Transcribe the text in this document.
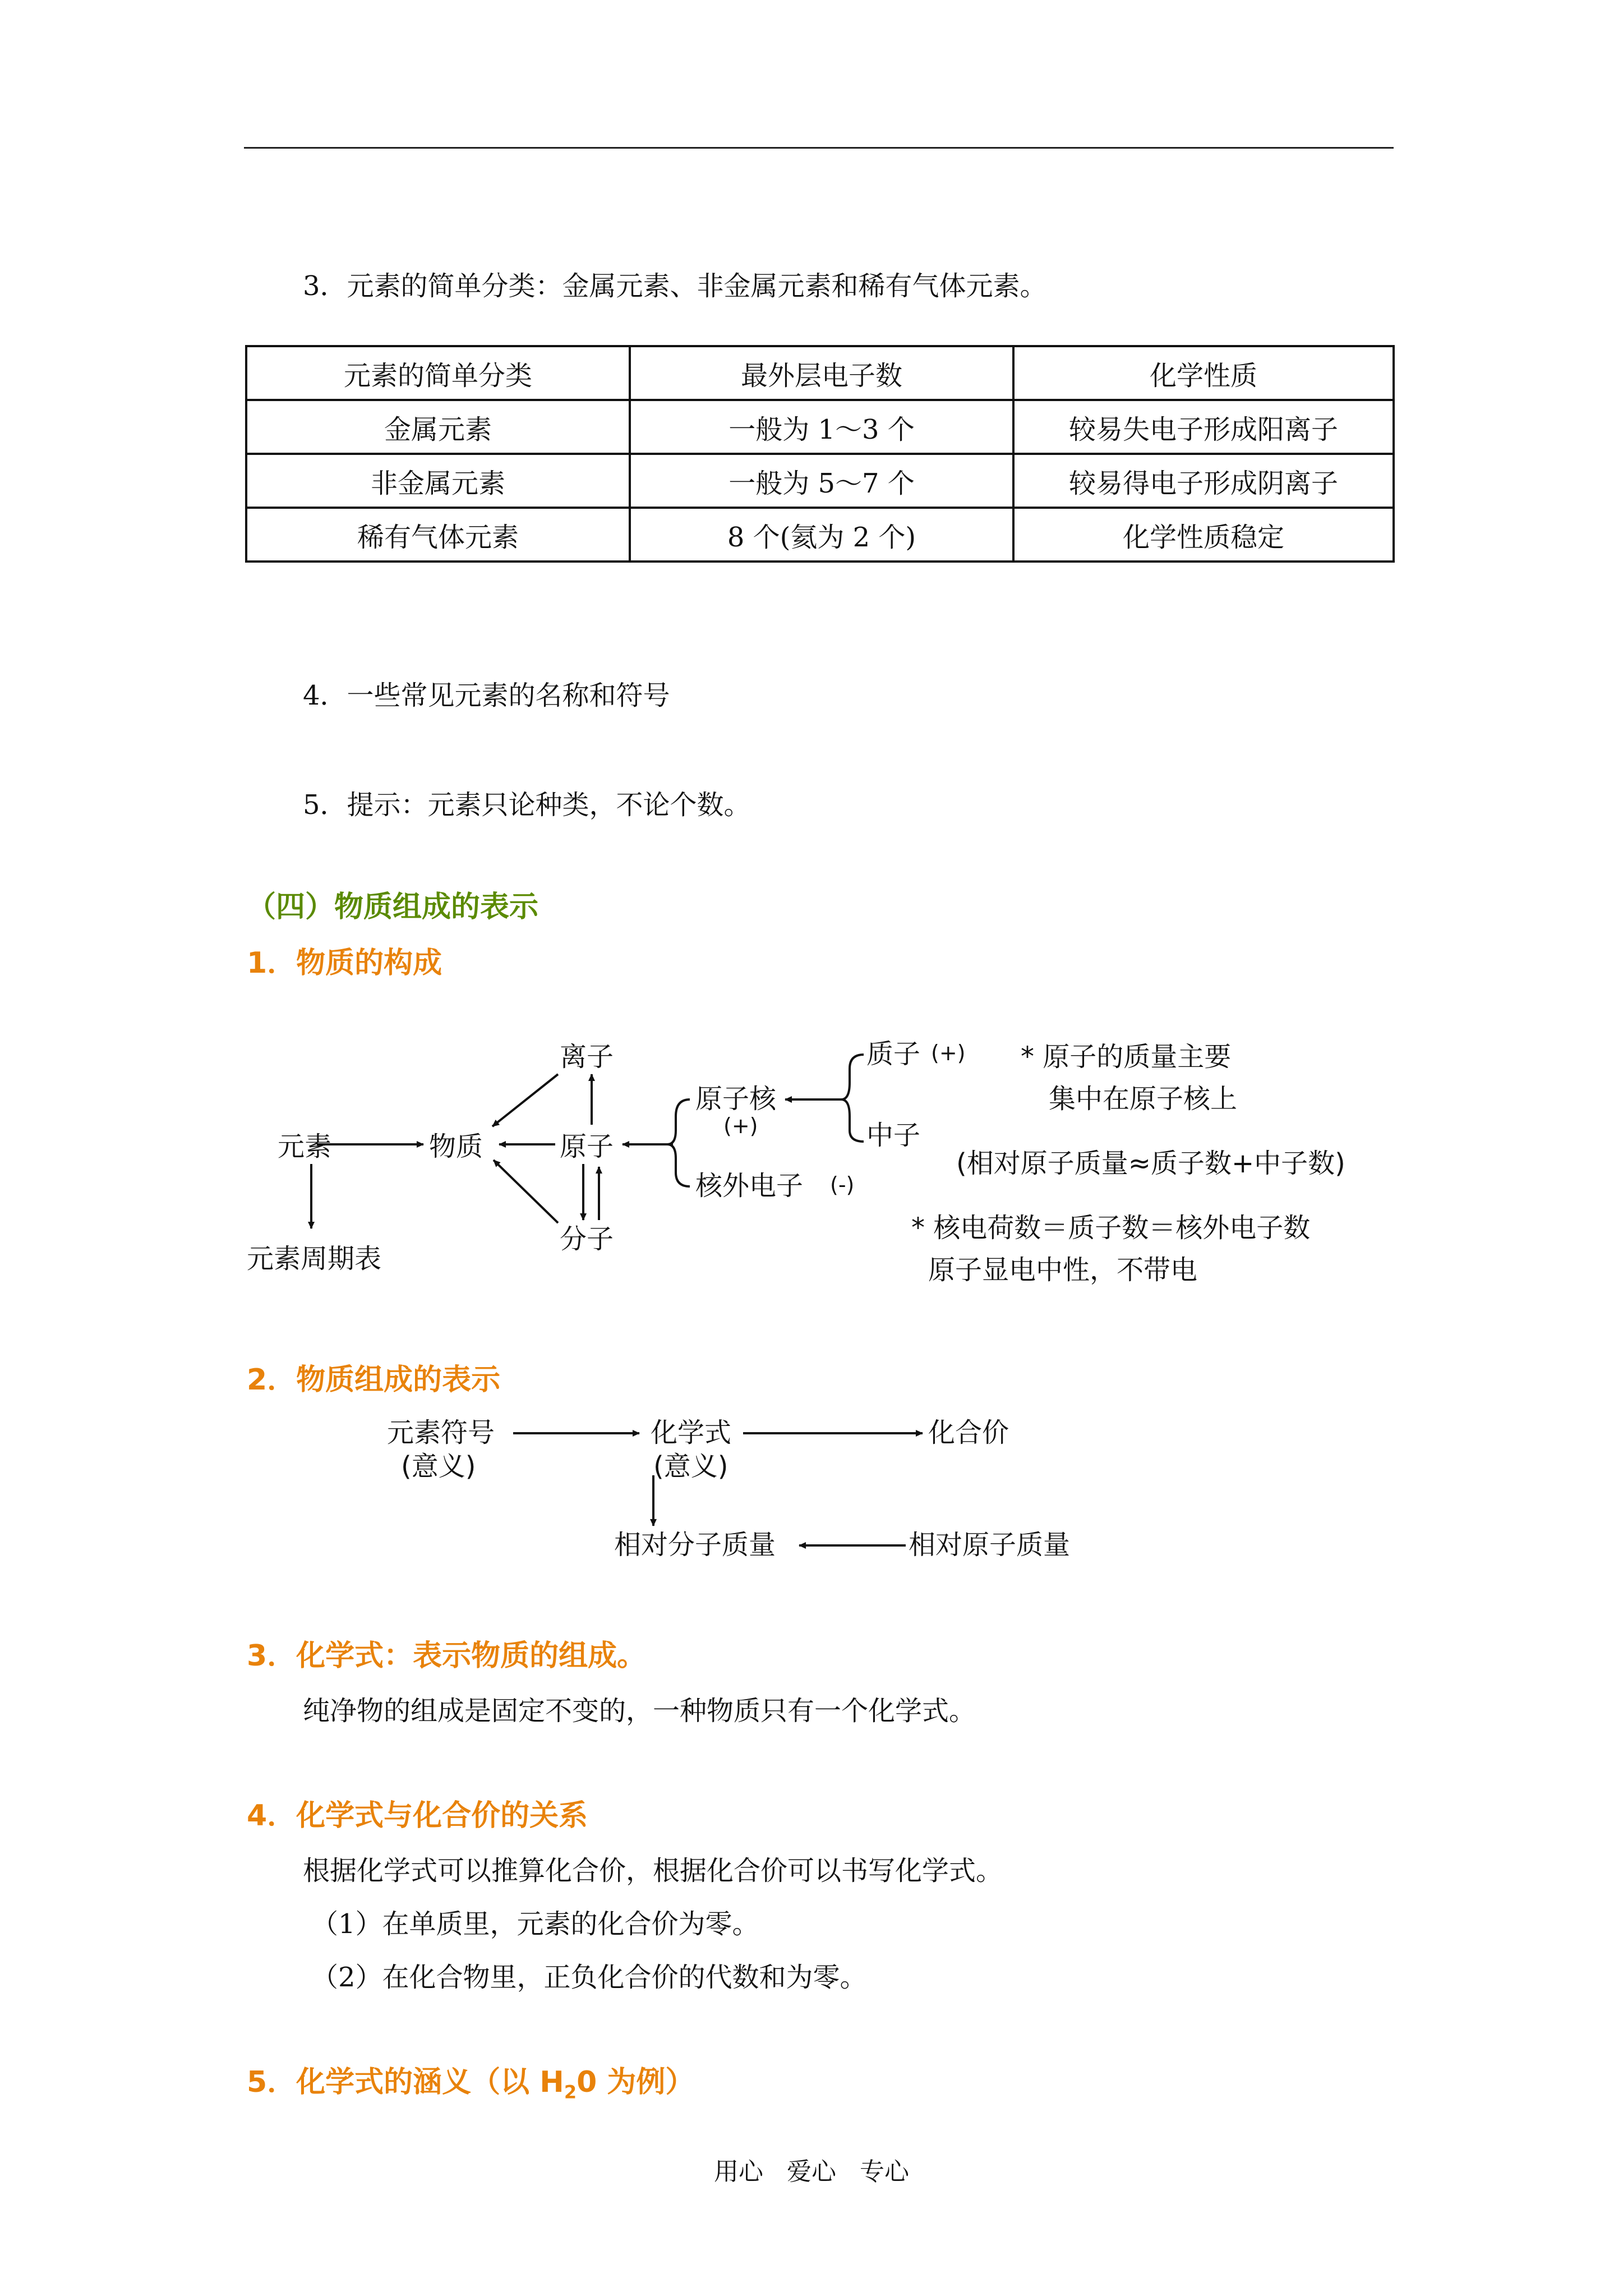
3．元素的简单分类：金属元素、非金属元素和稀有气体元素。
元素的简单分类	最外层电子数	化学性质
金属元素	一般为 1～3 个	较易失电子形成阳离子
非金属元素	一般为 5～7 个	较易得电子形成阴离子
稀有气体元素	8 个(氦为 2 个)	化学性质稳定
4．一些常见元素的名称和符号
5．提示：元素只论种类，不论个数。
（四）物质组成的表示
1．物质的构成
元素
元素周期表
物质
离子
原子
分子
原子核
(+)
质子 (+)
中子
核外电子 (-)
* 原子的质量主要
集中在原子核上
(相对原子质量≈质子数+中子数)
* 核电荷数＝质子数＝核外电子数
原子显电中性，不带电
2．物质组成的表示
元素符号
(意义)
化学式
(意义)
化合价
相对分子质量	相对原子质量
3．化学式：表示物质的组成。
纯净物的组成是固定不变的，一种物质只有一个化学式。
4．化学式与化合价的关系
根据化学式可以推算化合价，根据化合价可以书写化学式。
（1）在单质里，元素的化合价为零。
（2）在化合物里，正负化合价的代数和为零。
5．化学式的涵义（以 $H_20$ 为例）
用心   爱心   专心
